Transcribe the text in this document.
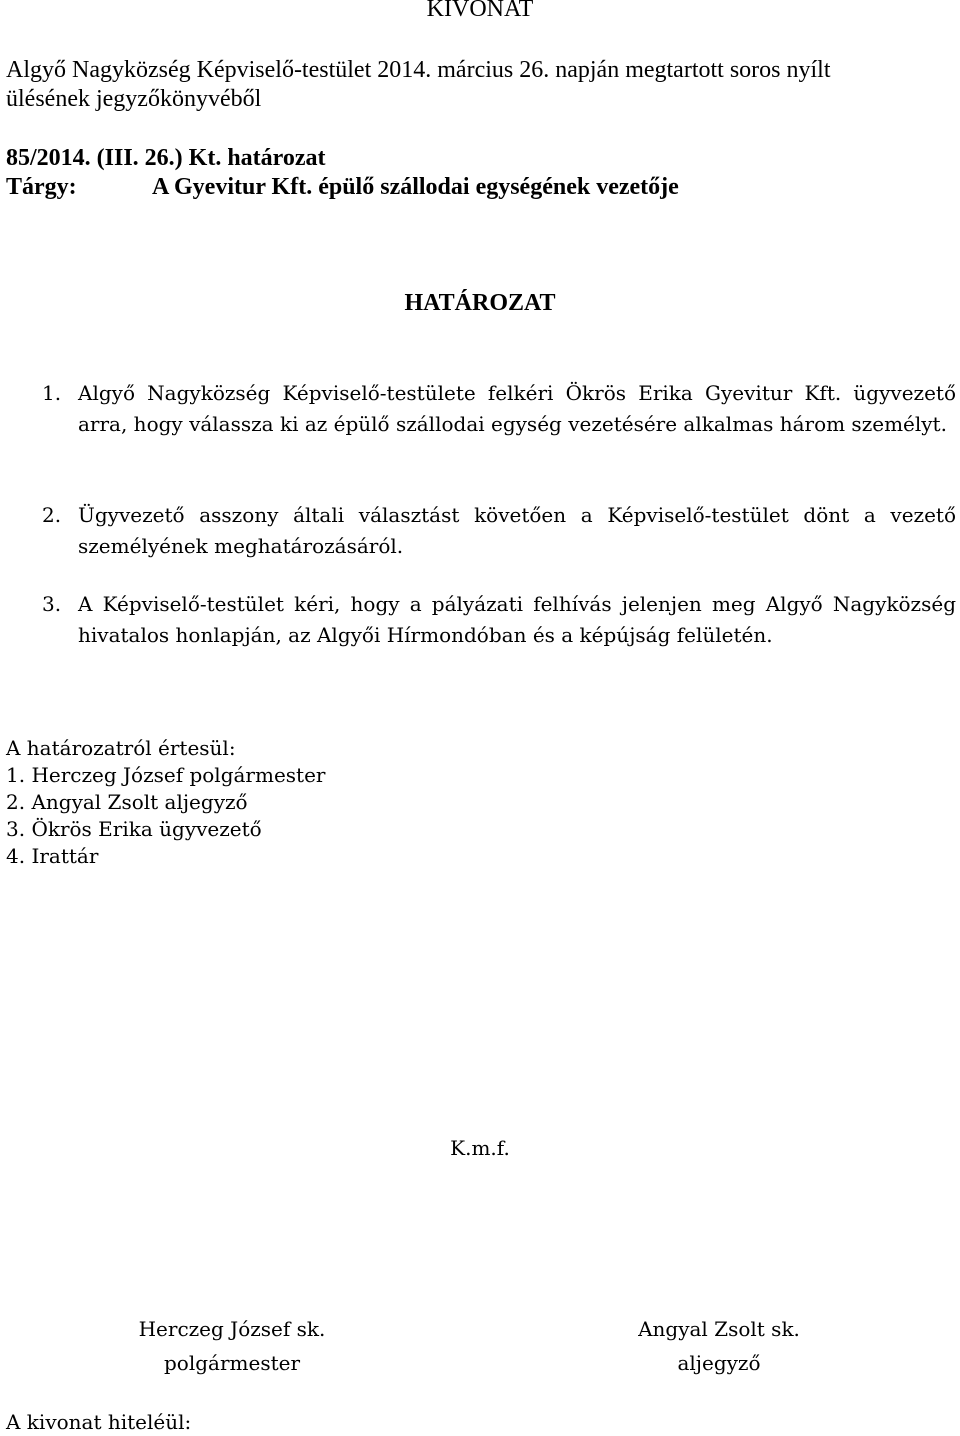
KIVONAT
Algyő Nagyközség Képviselő-testület 2014. március 26. napján megtartott soros nyílt
ülésének jegyzőkönyvéből
85/2014. (III. 26.) Kt. határozat
Tárgy:	A Gyevitur Kft. épülő szállodai egységének vezetője
HATÁROZAT
1. Algyő Nagyközség Képviselő-testülete felkéri Ökrös Erika Gyevitur Kft. ügyvezető arra, hogy válassza ki az épülő szállodai egység vezetésére alkalmas három személyt.
2. Ügyvezető asszony általi választást követően a Képviselő-testület dönt a vezető személyének meghatározásáról.
3. A Képviselő-testület kéri, hogy a pályázati felhívás jelenjen meg Algyő Nagyközség hivatalos honlapján, az Algyői Hírmondóban és a képújság felületén.
A határozatról értesül:
1. Herczeg József polgármester
2. Angyal Zsolt aljegyző
3. Ökrös Erika ügyvezető
4. Irattár
K.m.f.
Herczeg József sk.
polgármester
Angyal Zsolt sk.
aljegyző
A kivonat hiteléül:
